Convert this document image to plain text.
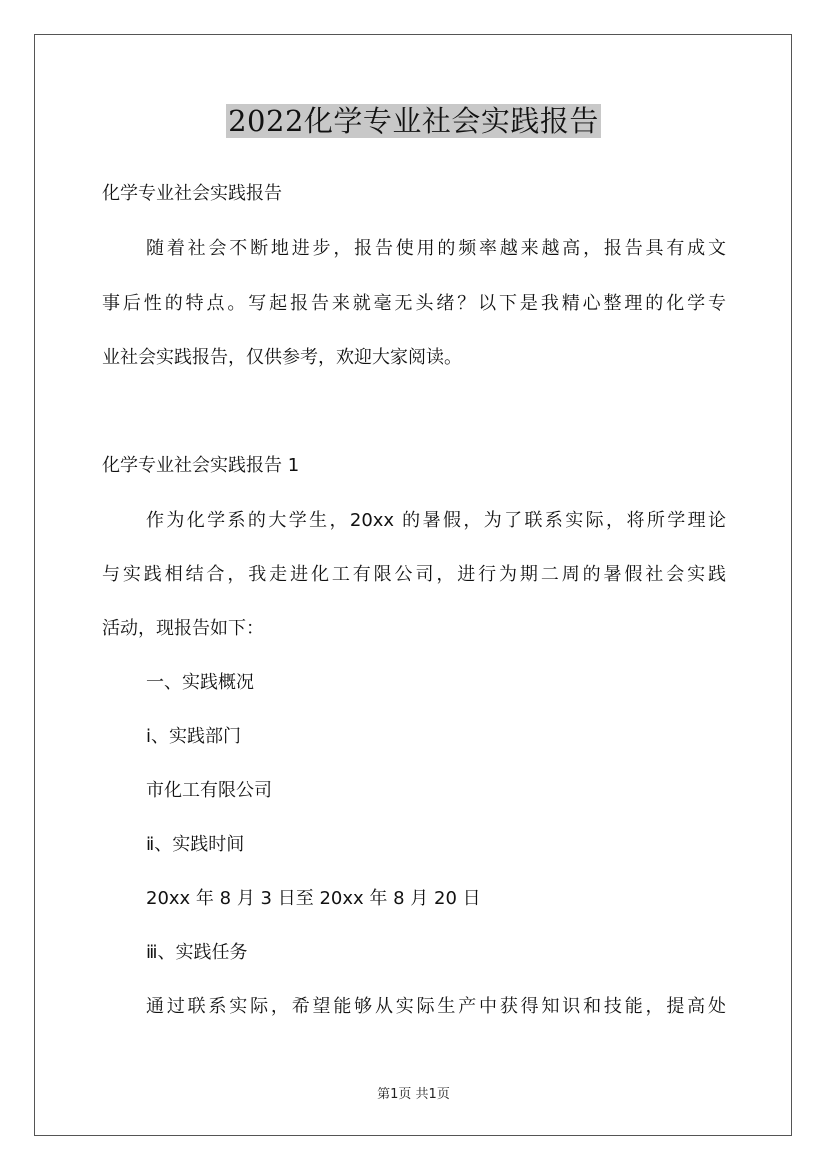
2022化学专业社会实践报告
化学专业社会实践报告
随着社会不断地进步，报告使用的频率越来越高，报告具有成文
事后性的特点。写起报告来就毫无头绪？以下是我精心整理的化学专
业社会实践报告，仅供参考，欢迎大家阅读。
化学专业社会实践报告 1
作为化学系的大学生，20xx 的暑假，为了联系实际，将所学理论
与实践相结合，我走进化工有限公司，进行为期二周的暑假社会实践
活动，现报告如下：
一、实践概况
ⅰ、实践部门
市化工有限公司
ⅱ、实践时间
20xx 年 8 月 3 日至 20xx 年 8 月 20 日
ⅲ、实践任务
通过联系实际，希望能够从实际生产中获得知识和技能，提高处
第1页 共1页
